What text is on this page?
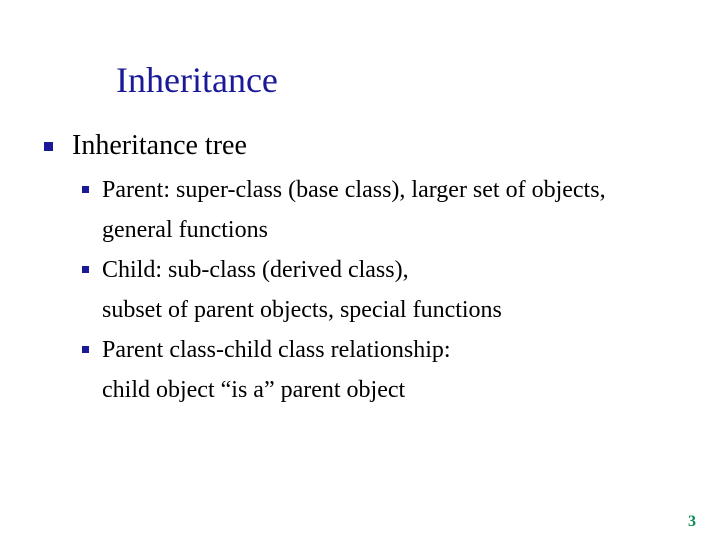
Inheritance
Inheritance tree
Parent: super-class (base class), larger set of objects,
general functions
Child: sub-class (derived class),
subset of parent objects, special functions
Parent class-child class relationship:
child object “is a” parent object
3
